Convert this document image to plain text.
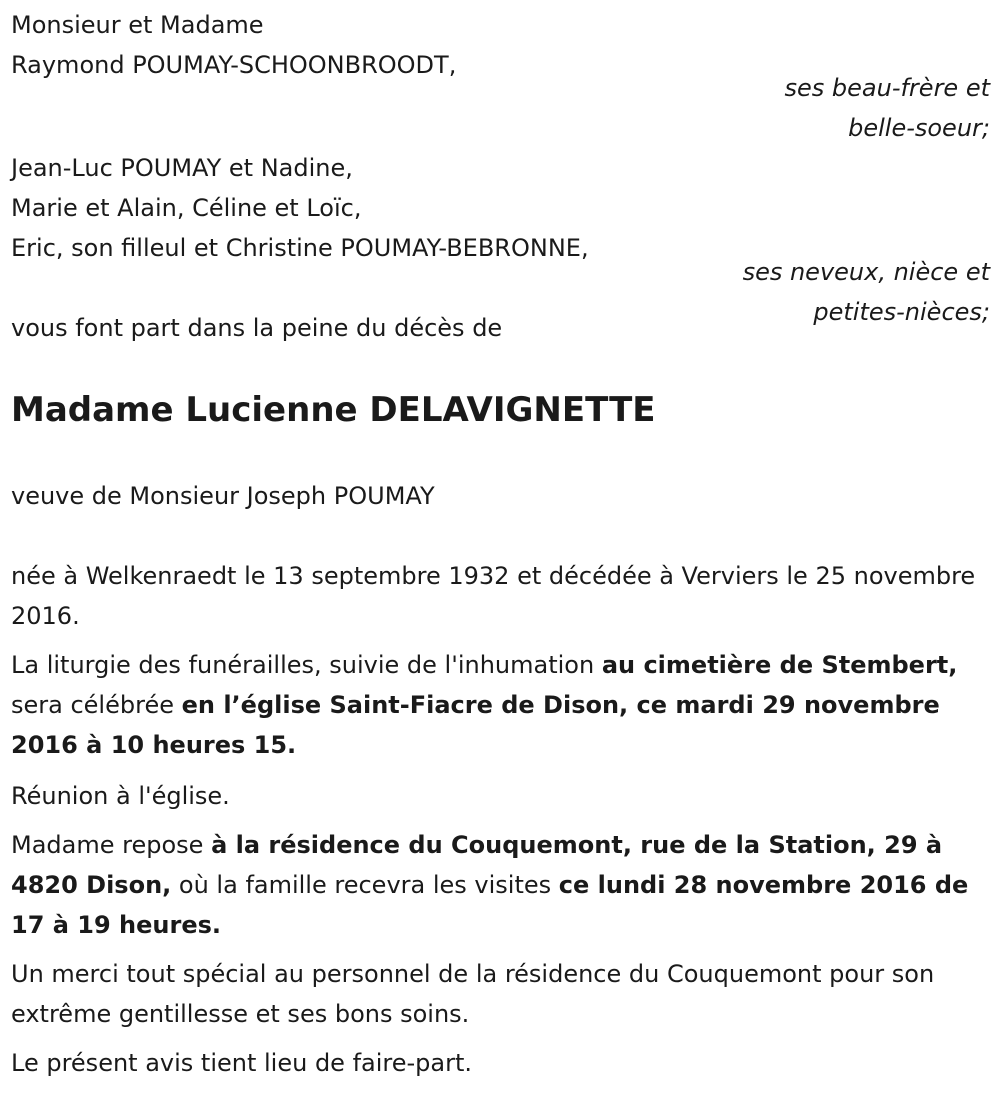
Monsieur et Madame
Raymond POUMAY-SCHOONBROODT,
ses beau-frère et
belle-soeur;
Jean-Luc POUMAY et Nadine,
Marie et Alain, Céline et Loïc,
Eric, son filleul et Christine POUMAY-BEBRONNE,
ses neveux, nièce et
petites-nièces;
vous font part dans la peine du décès de
Madame Lucienne DELAVIGNETTE
veuve de Monsieur Joseph POUMAY
née à Welkenraedt le 13 septembre 1932 et décédée à Verviers le 25 novembre 2016.
La liturgie des funérailles, suivie de l'inhumation au cimetière de Stembert, sera célébrée en l’église Saint-Fiacre de Dison, ce mardi 29 novembre 2016 à 10 heures 15.
Réunion à l'église.
Madame repose à la résidence du Couquemont, rue de la Station, 29 à 4820 Dison, où la famille recevra les visites ce lundi 28 novembre 2016 de 17 à 19 heures.
Un merci tout spécial au personnel de la résidence du Couquemont pour son extrême gentillesse et ses bons soins.
Le présent avis tient lieu de faire-part.
